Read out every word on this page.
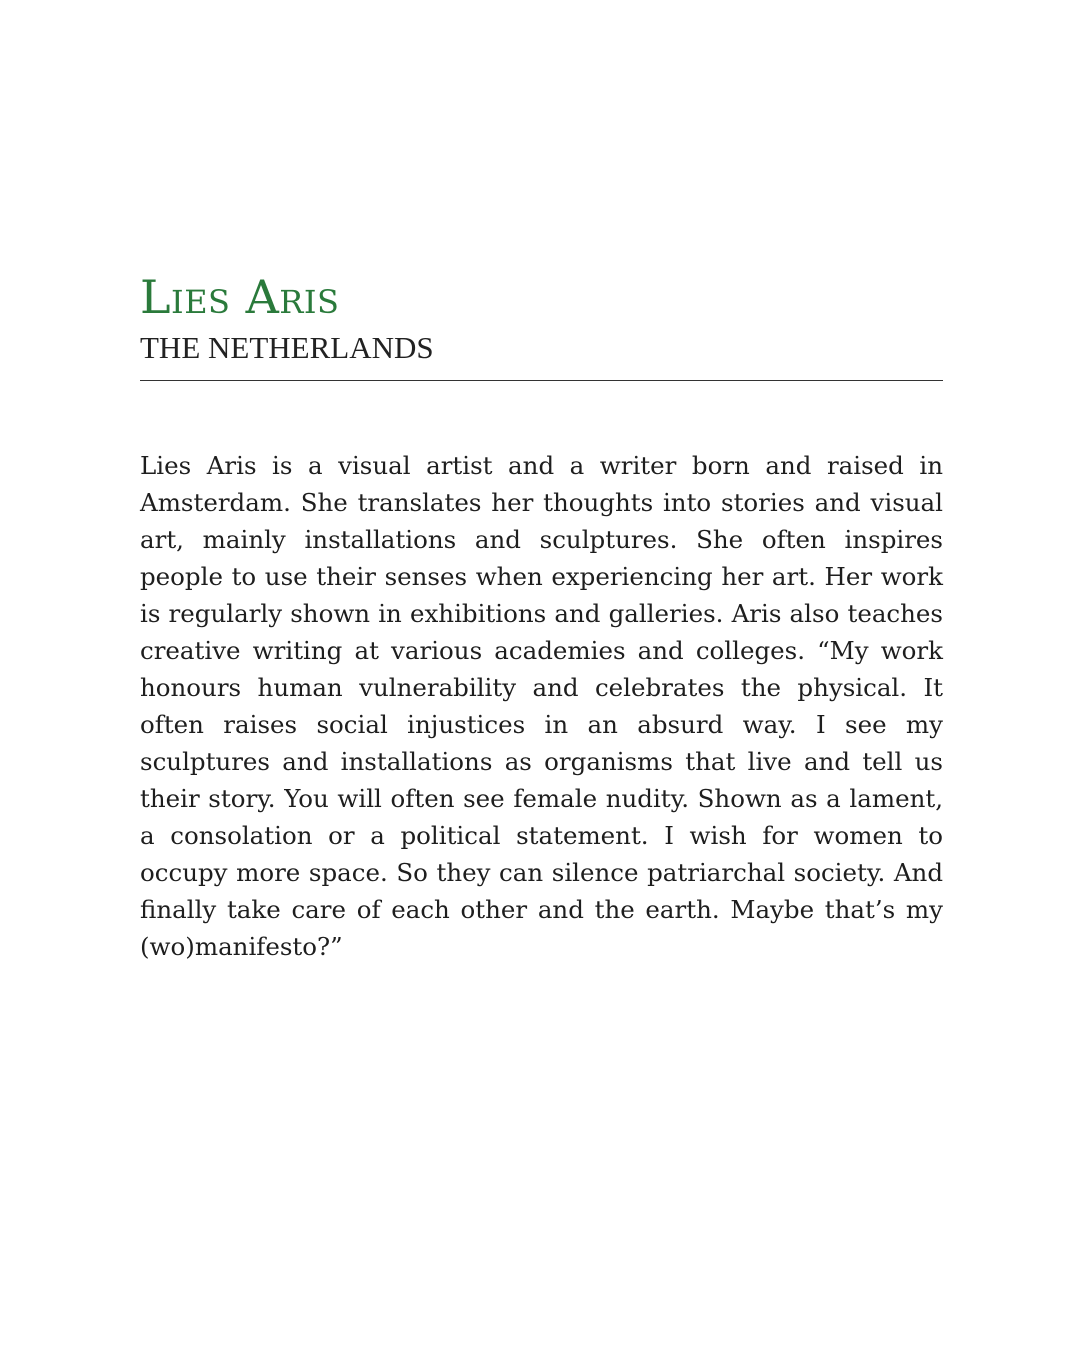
Lies Aris
THE NETHERLANDS

Lies Aris is a visual artist and a writer born and raised in Amsterdam. She translates her thoughts into stories and visual art, mainly installations and sculptures. She often inspires people to use their senses when experiencing her art. Her work is regularly shown in exhibitions and galleries. Aris also teaches creative writing at various academies and colleges. “My work honours human vulnerability and celebrates the physical. It often raises social injustices in an absurd way. I see my sculptures and installations as organisms that live and tell us their story. You will often see female nudity. Shown as a lament, a consolation or a political statement. I wish for women to occupy more space. So they can silence patriarchal society. And finally take care of each other and the earth. Maybe that’s my (wo)manifesto?”
